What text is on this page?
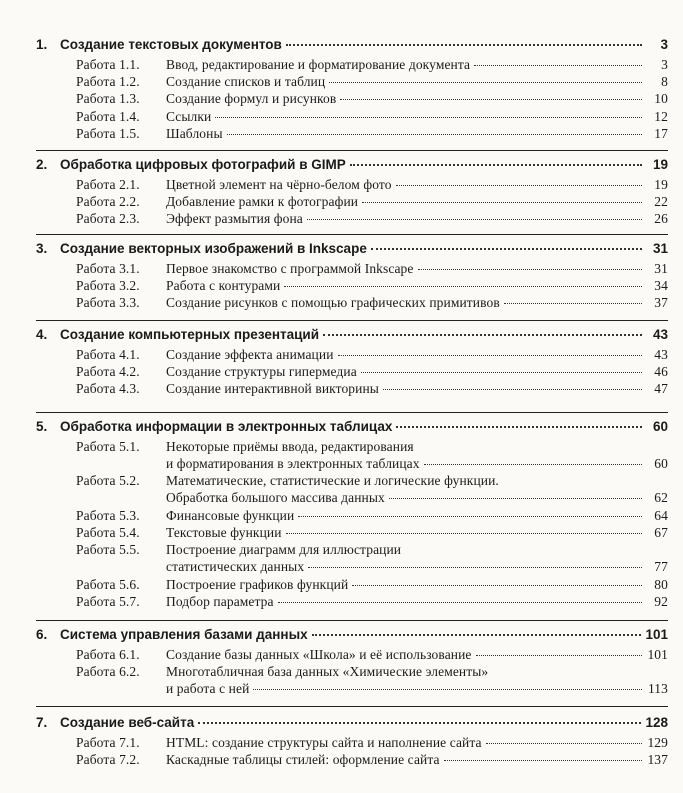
1. Создание текстовых документов	3
Работа 1.1.	Ввод, редактирование и форматирование документа	3
Работа 1.2.	Создание списков и таблиц	8
Работа 1.3.	Создание формул и рисунков	10
Работа 1.4.	Ссылки	12
Работа 1.5.	Шаблоны	17
2. Обработка цифровых фотографий в GIMP	19
Работа 2.1.	Цветной элемент на чёрно-белом фото	19
Работа 2.2.	Добавление рамки к фотографии	22
Работа 2.3.	Эффект размытия фона	26
3. Создание векторных изображений в Inkscape	31
Работа 3.1.	Первое знакомство с программой Inkscape	31
Работа 3.2.	Работа с контурами	34
Работа 3.3.	Создание рисунков с помощью графических примитивов	37
4. Создание компьютерных презентаций	43
Работа 4.1.	Создание эффекта анимации	43
Работа 4.2.	Создание структуры гипермедиа	46
Работа 4.3.	Создание интерактивной викторины	47
5. Обработка информации в электронных таблицах	60
Работа 5.1.	Некоторые приёмы ввода, редактирования
и форматирования в электронных таблицах	60
Работа 5.2.	Математические, статистические и логические функции.
Обработка большого массива данных	62
Работа 5.3.	Финансовые функции	64
Работа 5.4.	Текстовые функции	67
Работа 5.5.	Построение диаграмм для иллюстрации
статистических данных	77
Работа 5.6.	Построение графиков функций	80
Работа 5.7.	Подбор параметра	92
6. Система управления базами данных	101
Работа 6.1.	Создание базы данных «Школа» и её использование	101
Работа 6.2.	Многотабличная база данных «Химические элементы»
и работа с ней	113
7. Создание веб-сайта	128
Работа 7.1.	HTML: создание структуры сайта и наполнение сайта	129
Работа 7.2.	Каскадные таблицы стилей: оформление сайта	137
